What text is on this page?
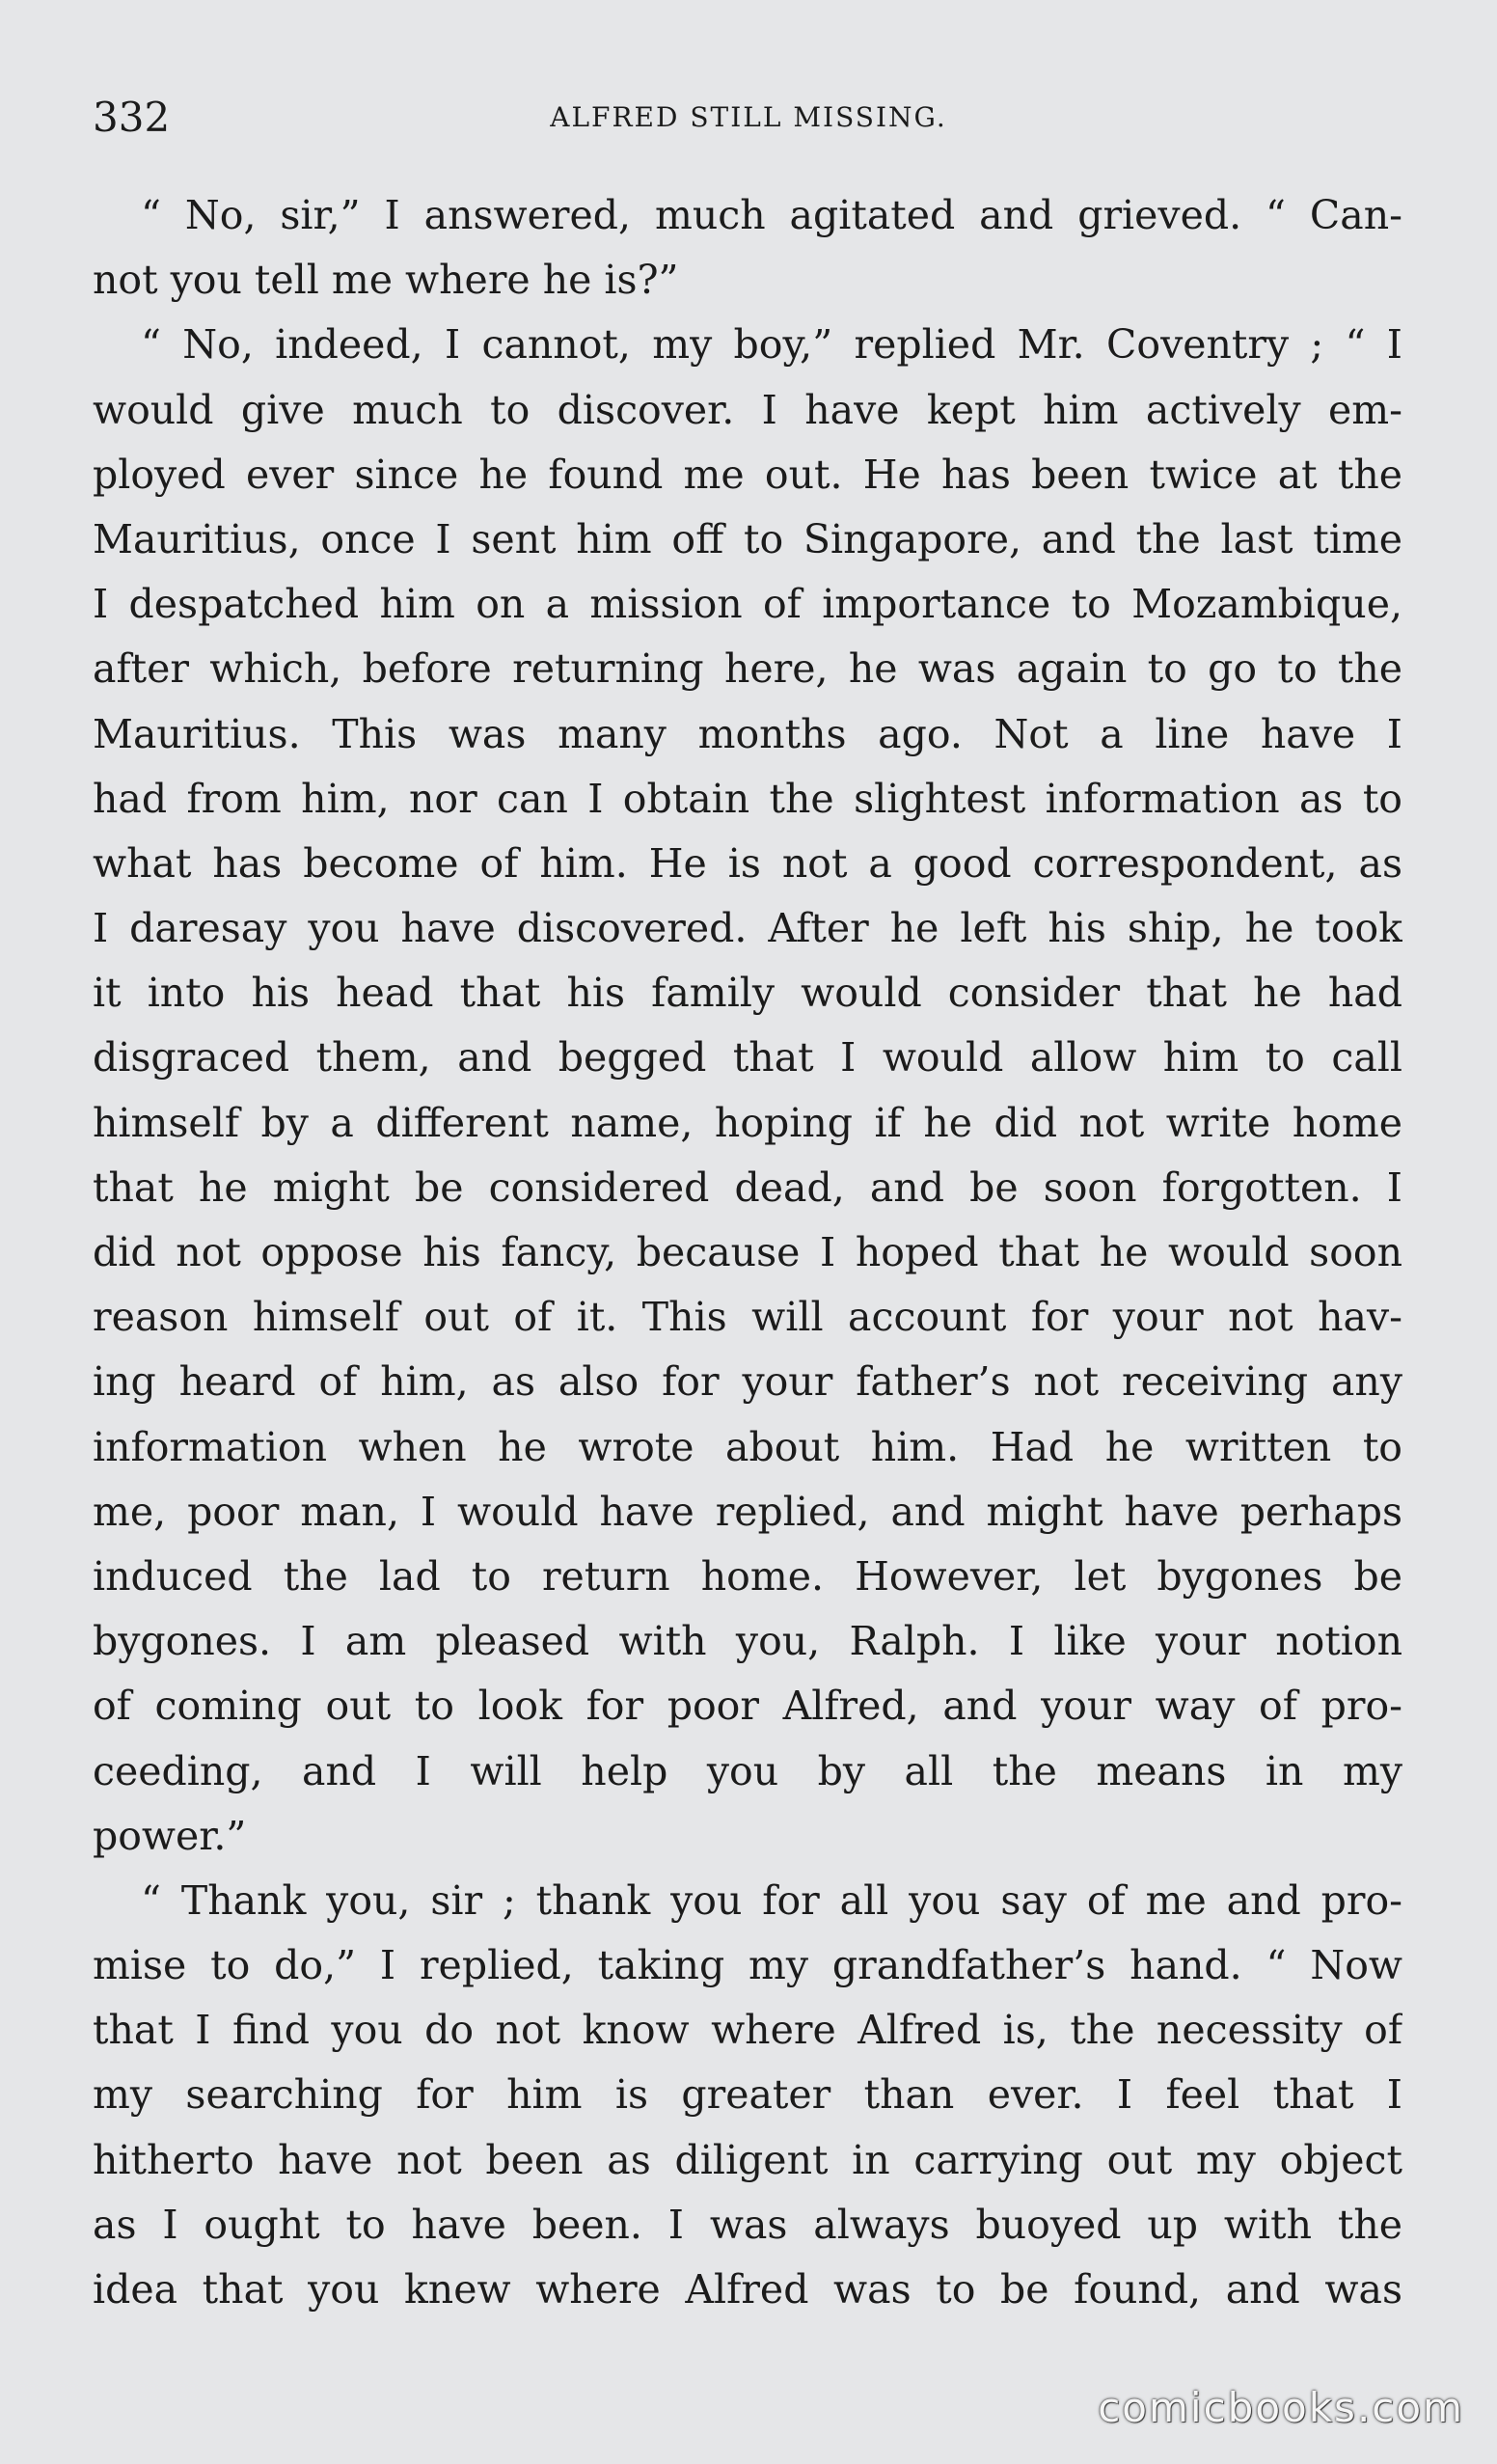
332	ALFRED STILL MISSING.
“ No, sir,” I answered, much agitated and grieved. “ Can-
not you tell me where he is?”
“ No, indeed, I cannot, my boy,” replied Mr. Coventry ; “ I
would give much to discover. I have kept him actively em-
ployed ever since he found me out. He has been twice at the
Mauritius, once I sent him off to Singapore, and the last time
I despatched him on a mission of importance to Mozambique,
after which, before returning here, he was again to go to the
Mauritius. This was many months ago. Not a line have I
had from him, nor can I obtain the slightest information as to
what has become of him. He is not a good correspondent, as
I daresay you have discovered. After he left his ship, he took
it into his head that his family would consider that he had
disgraced them, and begged that I would allow him to call
himself by a different name, hoping if he did not write home
that he might be considered dead, and be soon forgotten. I
did not oppose his fancy, because I hoped that he would soon
reason himself out of it. This will account for your not hav-
ing heard of him, as also for your father’s not receiving any
information when he wrote about him. Had he written to
me, poor man, I would have replied, and might have perhaps
induced the lad to return home. However, let bygones be
bygones. I am pleased with you, Ralph. I like your notion
of coming out to look for poor Alfred, and your way of pro-
ceeding, and I will help you by all the means in my
power.”
“ Thank you, sir ; thank you for all you say of me and pro-
mise to do,” I replied, taking my grandfather’s hand. “ Now
that I find you do not know where Alfred is, the necessity of
my searching for him is greater than ever. I feel that I
hitherto have not been as diligent in carrying out my object
as I ought to have been. I was always buoyed up with the
idea that you knew where Alfred was to be found, and was
comicbooks.com
